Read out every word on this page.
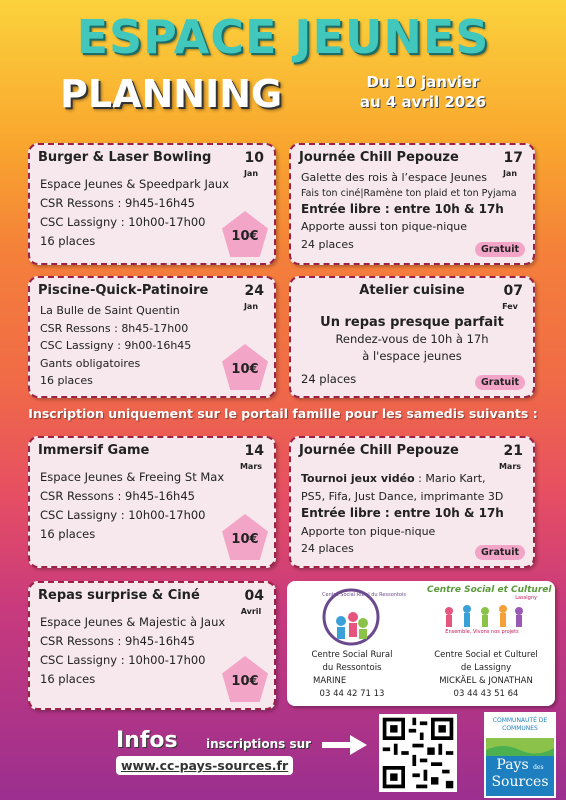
ESPACE JEUNES
PLANNING	Du 10 janvier
au 4 avril 2026
Burger & Laser Bowling 10
Jan
Espace Jeunes & Speedpark Jaux
CSR Ressons : 9h45-16h45
CSC Lassigny : 10h00-17h00
16 places	10€
Journée Chill Pepouze	17
Jan
Galette des rois à l’espace Jeunes
Fais ton ciné|Ramène ton plaid et ton Pyjama
Entrée libre : entre 10h & 17h
Apporte aussi ton pique-nique
24 places	Gratuit
Piscine-Quick-Patinoire	24
Jan
La Bulle de Saint Quentin
CSR Ressons : 8h45-17h00
CSC Lassigny : 9h00-16h45
Gants obligatoires
16 places
10€
Atelier cuisine	07
Fev
Un repas presque parfait
Rendez-vous de 10h à 17h
à l'espace jeunes
24 places	Gratuit
Inscription uniquement sur le portail famille pour les samedis suivants :
Immersif Game	14
Mars
Espace Jeunes & Freeing St Max
CSR Ressons : 9h45-16h45
CSC Lassigny : 10h00-17h00
16 places	10€
Journée Chill Pepouze	21
Mars
Tournoi jeux vidéo : Mario Kart,
PS5, Fifa, Just Dance, imprimante 3D
Entrée libre : entre 10h & 17h
Apporte ton pique-nique
24 places	Gratuit
Repas surprise & Ciné	04
Avril
Espace Jeunes & Majestic à Jaux
CSR Ressons : 9h45-16h45
CSC Lassigny : 10h00-17h00
16 places	10€
Centre Social Rural du Ressontois Centre Social et Culturel
Lassigny
Ensemble, Vivons nos projets
Centre Social Rural
du Ressontois
MARINE
03 44 42 71 13
Centre Social et Culturel
de Lassigny
MICKÄEL & JONATHAN
03 44 43 51 64
Infos inscriptions sur
www.cc-pays-sources.fr
COMMUNAUTÉ DE COMMUNES
Pays des
Sources
